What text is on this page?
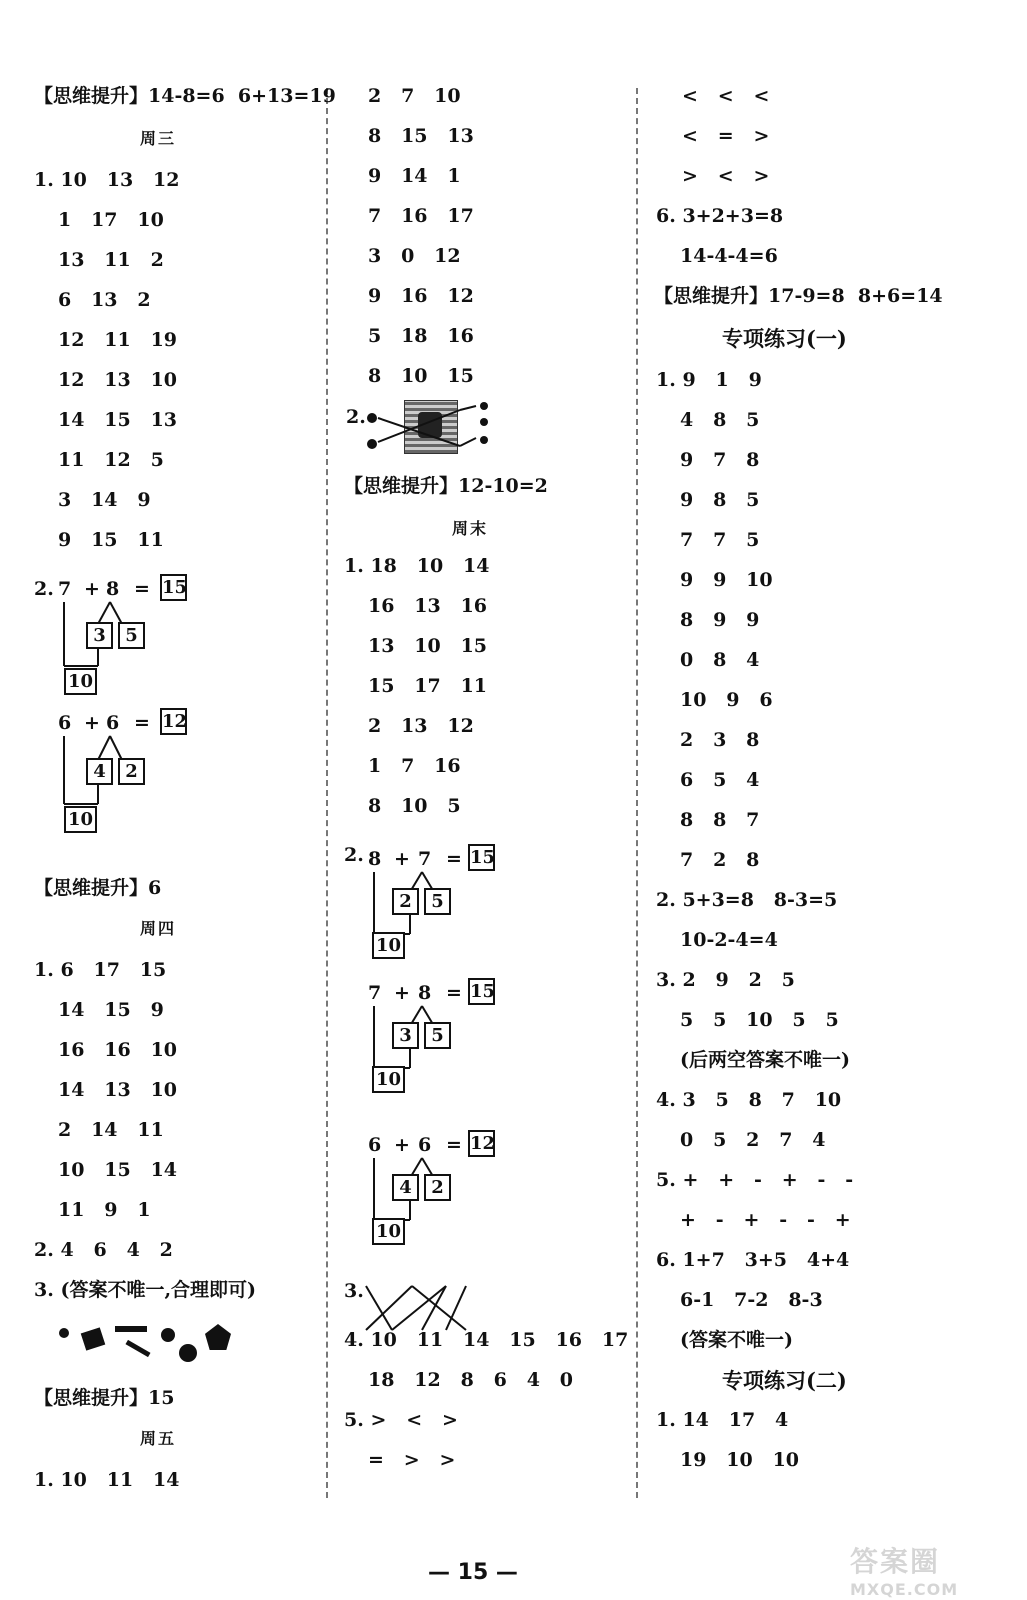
【思维提升】14-8=6  6+13=19
周三
1. 10   13   12
1   17   10
13   11   2
6   13   2
12   11   19
12   13   10
14   15   13
11   12   5
3   14   9
9   15   11
2. 7 + 8 = 15
3	5
10
6 + 6 = 12
4	2
10
【思维提升】6
周四
1. 6   17   15
14   15   9
16   16   10
14   13   10
2   14   11
10   15   14
11   9   1
2. 4   6   4   2
3. (答案不唯一,合理即可)
【思维提升】15
周五
1. 10   11   14
2   7   10
8   15   13
9   14   1
7   16   17
3   0   12
9   16   12
5   18   16
8   10   15
2.
【思维提升】12-10=2
周末
1. 18   10   14
16   13   16
13   10   15
15   17   11
2   13   12
1   7   16
8   10   5
2. 8 + 7 = 15
2	5
10
7 + 8 = 15
3	5
10
6 + 6 = 12
4	2
10
3.
4. 10   11   14   15   16   17
18   12   8   6   4   0
5. >   <   >
=   >   >
<   <   <
<   =   >
>   <   >
6. 3+2+3=8
14-4-4=6
【思维提升】17-9=8  8+6=14
专项练习(一)
1. 9   1   9
4   8   5
9   7   8
9   8   5
7   7   5
9   9   10
8   9   9
0   8   4
10   9   6
2   3   8
6   5   4
8   8   7
7   2   8
2. 5+3=8   8-3=5
10-2-4=4
3. 2   9   2   5
5   5   10   5   5
(后两空答案不唯一)
4. 3   5   8   7   10
0   5   2   7   4
5. +   +   -   +   -   -
+   -   +   -   -   +
6. 1+7   3+5   4+4
6-1   7-2   8-3
(答案不唯一)
专项练习(二)
1. 14   17   4
19   10   10
— 15 —	答案圈
MXQE.COM
